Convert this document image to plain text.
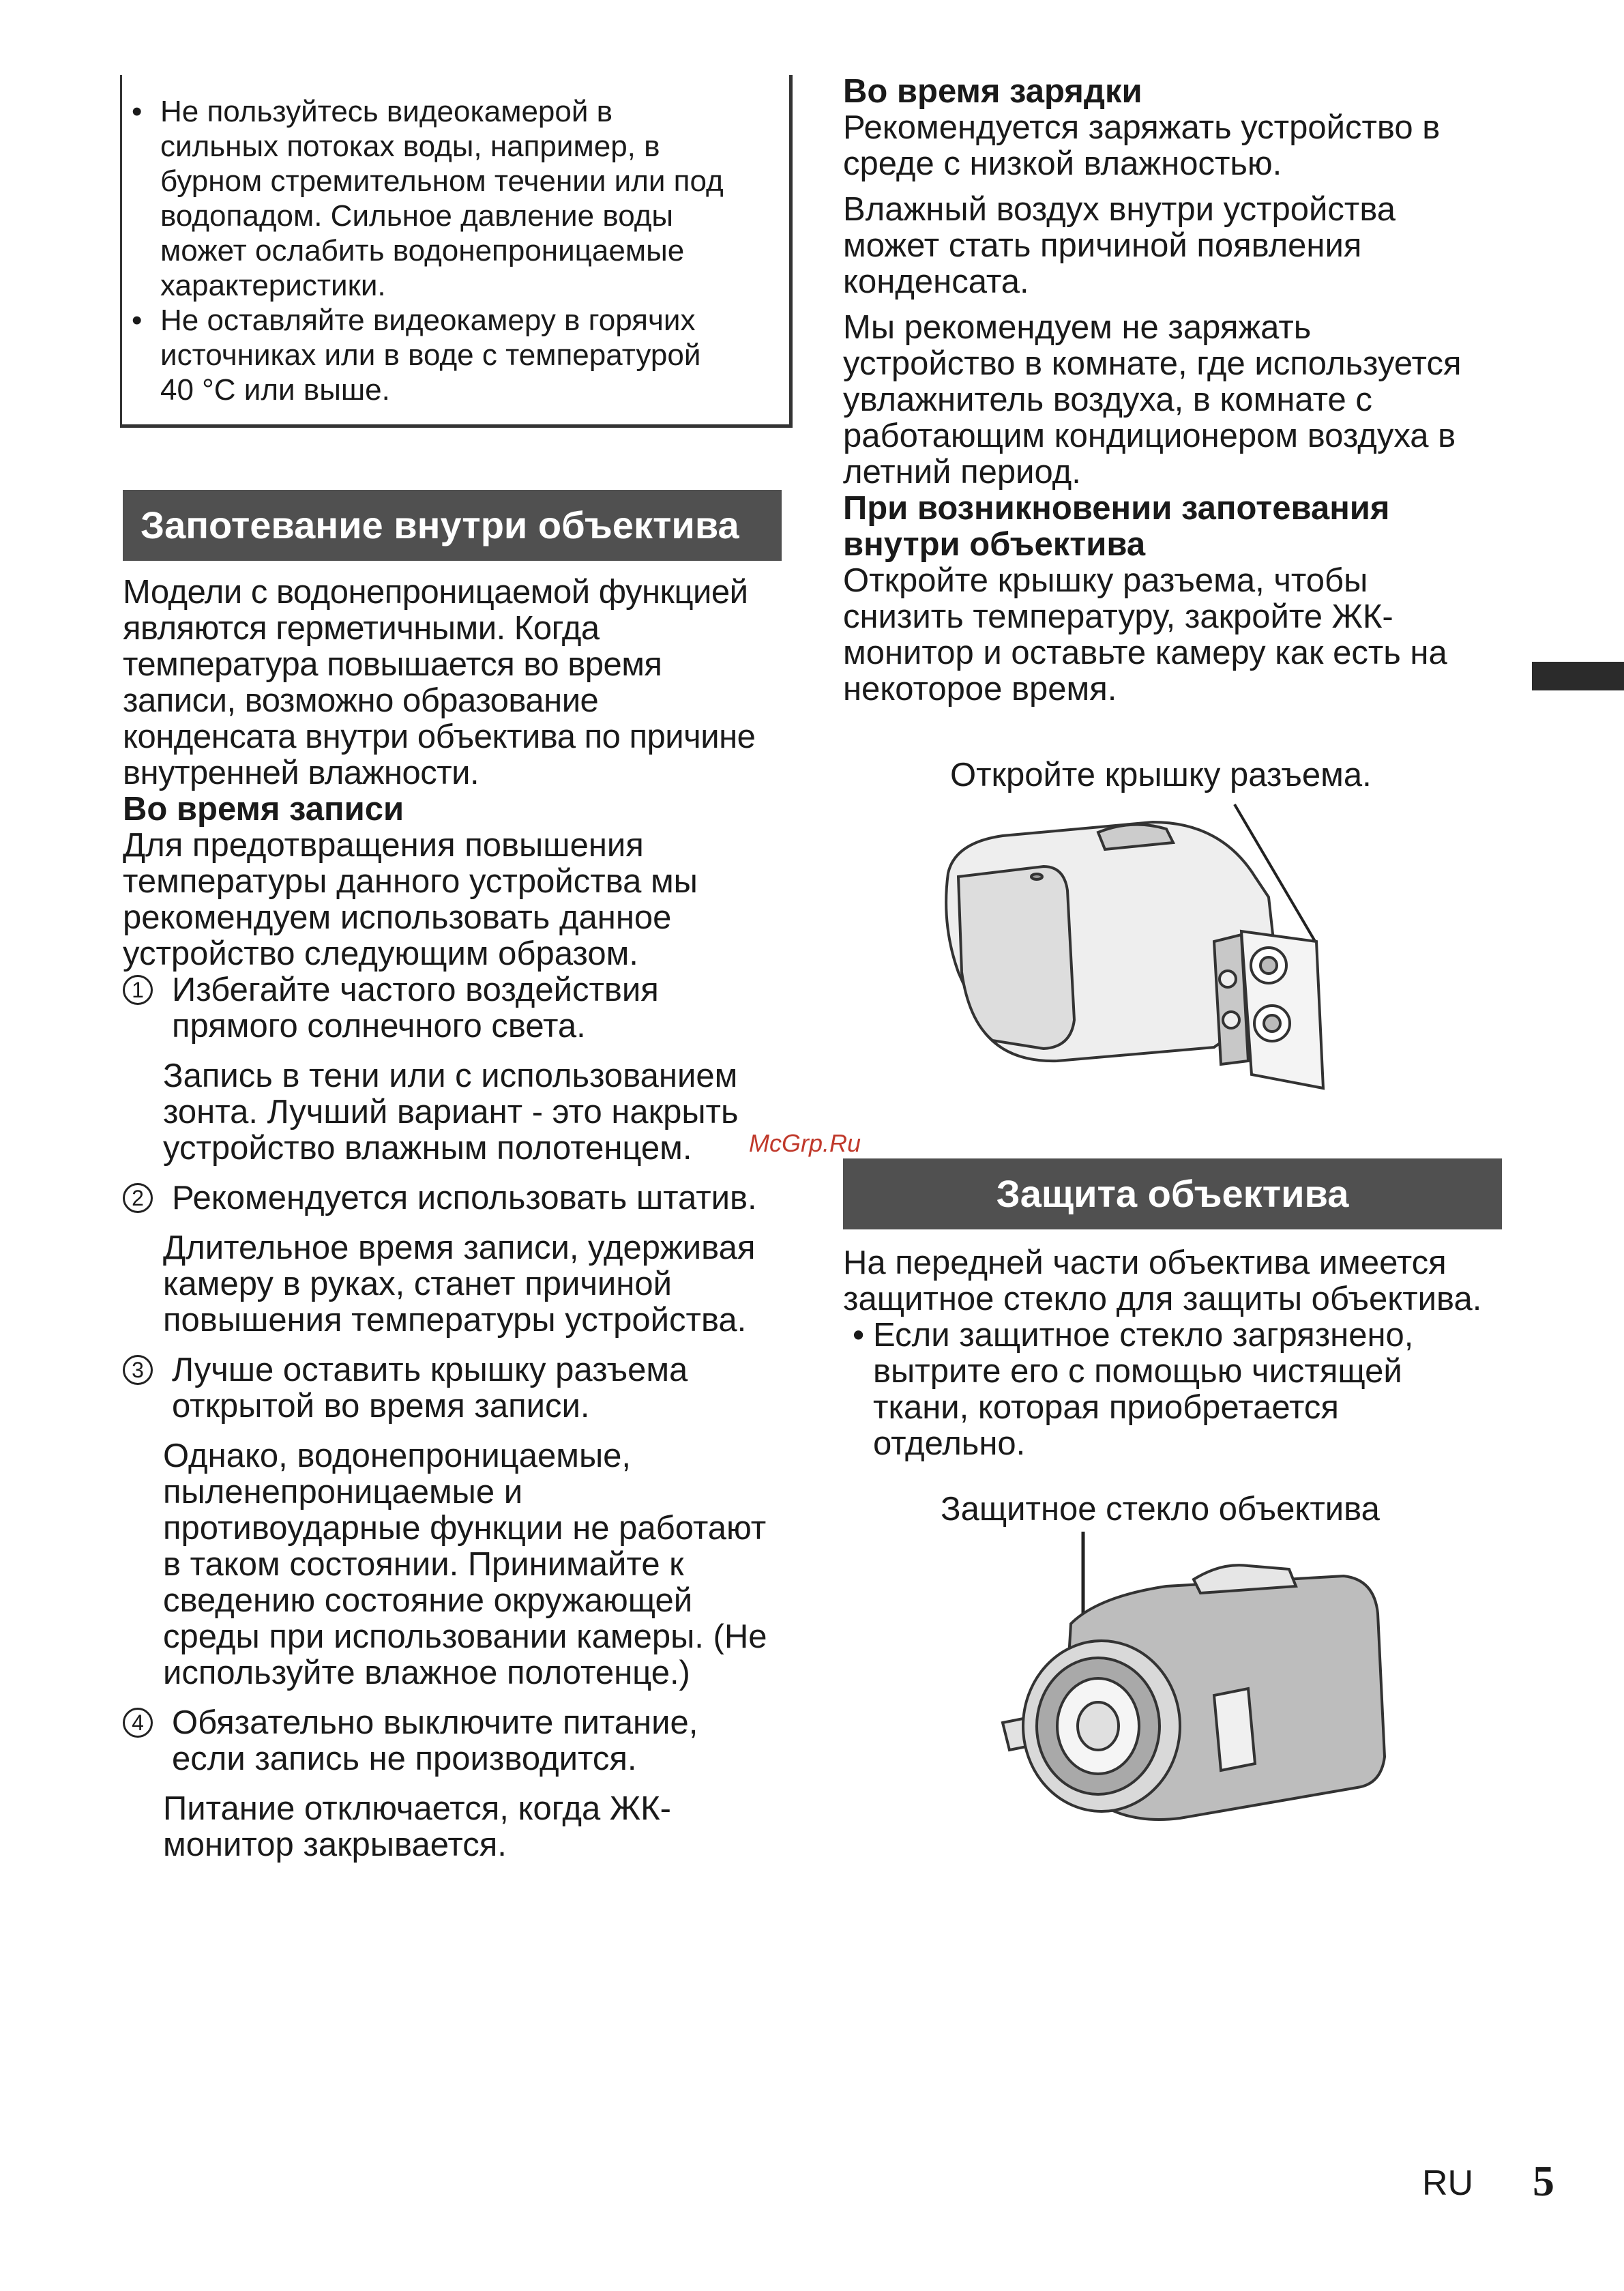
• Не пользуйтесь видеокамерой в
сильных потоках воды, например, в
бурном стремительном течении или под
водопадом. Сильное давление воды
может ослабить водонепроницаемые
характеристики.
• Не оставляйте видеокамеру в горячих
источниках или в воде с температурой
40 °C или выше.
Запотевание внутри объектива
Модели с водонепроницаемой функцией
являются герметичными. Когда
температура повышается во время
записи, возможно образование
конденсата внутри объектива по причине
внутренней влажности.
Во время записи
Для предотвращения повышения
температуры данного устройства мы
рекомендуем использовать данное
устройство следующим образом.
1 Избегайте частого воздействия
прямого солнечного света.
Запись в тени или с использованием
зонта. Лучший вариант - это накрыть
устройство влажным полотенцем.
2 Рекомендуется использовать штатив.
Длительное время записи, удерживая
камеру в руках, станет причиной
повышения температуры устройства.
3 Лучше оставить крышку разъема
открытой во время записи.
Однако, водонепроницаемые,
пыленепроницаемые и
противоударные функции не работают
в таком состоянии. Принимайте к
сведению состояние окружающей
среды при использовании камеры. (Не
используйте влажное полотенце.)
4 Обязательно выключите питание,
если запись не производится.
Питание отключается, когда ЖК-
монитор закрывается.
Во время зарядки
Рекомендуется заряжать устройство в
среде с низкой влажностью.
Влажный воздух внутри устройства
может стать причиной появления
конденсата.
Мы рекомендуем не заряжать
устройство в комнате, где используется
увлажнитель воздуха, в комнате с
работающим кондиционером воздуха в
летний период.
При возникновении запотевания
внутри объектива
Откройте крышку разъема, чтобы
снизить температуру, закройте ЖК-
монитор и оставьте камеру как есть на
некоторое время.
Откройте крышку разъема.
McGrp.Ru
Защита объектива
На передней части объектива имеется
защитное стекло для защиты объектива.
• Если защитное стекло загрязнено,
вытрите его с помощью чистящей
ткани, которая приобретается
отдельно.
Защитное стекло объектива
RU 5
